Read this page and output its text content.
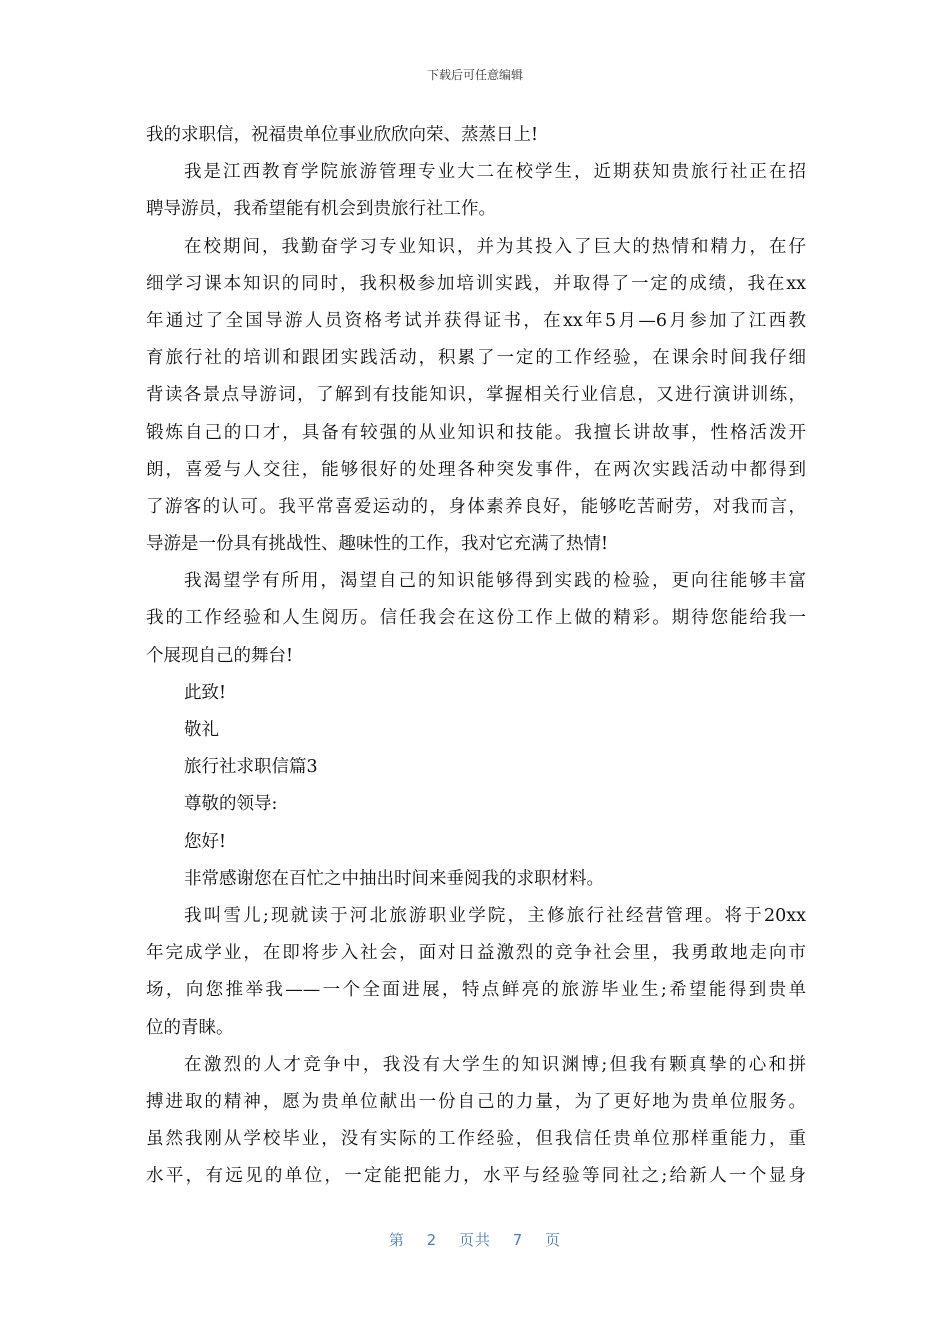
下载后可任意编辑
我的求职信，祝福贵单位事业欣欣向荣、蒸蒸日上!
我是江西教育学院旅游管理专业大二在校学生，近期获知贵旅行社正在招
聘导游员，我希望能有机会到贵旅行社工作。
在校期间，我勤奋学习专业知识，并为其投入了巨大的热情和精力，在仔
细学习课本知识的同时，我积极参加培训实践，并取得了一定的成绩，我在xx
年通过了全国导游人员资格考试并获得证书，在xx年5月—6月参加了江西教
育旅行社的培训和跟团实践活动，积累了一定的工作经验，在课余时间我仔细
背读各景点导游词，了解到有技能知识，掌握相关行业信息，又进行演讲训练，
锻炼自己的口才，具备有较强的从业知识和技能。我擅长讲故事，性格活泼开
朗，喜爱与人交往，能够很好的处理各种突发事件，在两次实践活动中都得到
了游客的认可。我平常喜爱运动的，身体素养良好，能够吃苦耐劳，对我而言，
导游是一份具有挑战性、趣味性的工作，我对它充满了热情!
我渴望学有所用，渴望自己的知识能够得到实践的检验，更向往能够丰富
我的工作经验和人生阅历。信任我会在这份工作上做的精彩。期待您能给我一
个展现自己的舞台!
此致!
敬礼
旅行社求职信篇3
尊敬的领导:
您好!
非常感谢您在百忙之中抽出时间来垂阅我的求职材料。
我叫雪儿;现就读于河北旅游职业学院，主修旅行社经营管理。将于20xx
年完成学业，在即将步入社会，面对日益激烈的竞争社会里，我勇敢地走向市
场，向您推举我——一个全面进展，特点鲜亮的旅游毕业生;希望能得到贵单
位的青睐。
在激烈的人才竞争中，我没有大学生的知识渊博;但我有颗真挚的心和拼
搏进取的精神，愿为贵单位献出一份自己的力量，为了更好地为贵单位服务。
虽然我刚从学校毕业，没有实际的工作经验，但我信任贵单位那样重能力，重
水平，有远见的单位，一定能把能力，水平与经验等同社之;给新人一个显身
第 2 页共 7 页
